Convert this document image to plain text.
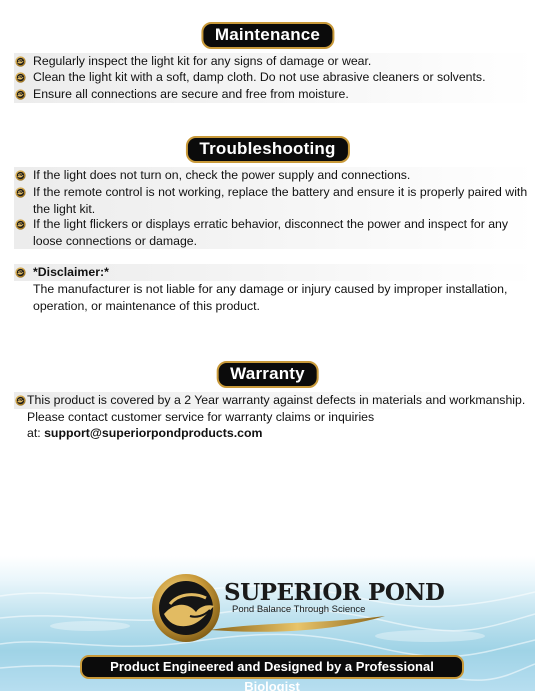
Maintenance
Regularly inspect the light kit for any signs of damage or wear.
Clean the light kit with a soft, damp cloth. Do not use abrasive cleaners or solvents.
Ensure all connections are secure and free from moisture.
Troubleshooting
If the light does not turn on, check the power supply and connections.
If the remote control is not working, replace the battery and ensure it is properly paired with the light kit.
If the light flickers or displays erratic behavior, disconnect the power and inspect for any loose connections or damage.
*Disclaimer:*
The manufacturer is not liable for any damage or injury caused by improper installation, operation, or maintenance of this product.
Warranty
This product is covered by a 2 Year warranty against defects in materials and workmanship.
Please contact customer service for warranty claims or inquiries
at: support@superiorpondproducts.com
SUPERIOR POND
Pond Balance Through Science
Product Engineered and Designed by a Professional Biologist
